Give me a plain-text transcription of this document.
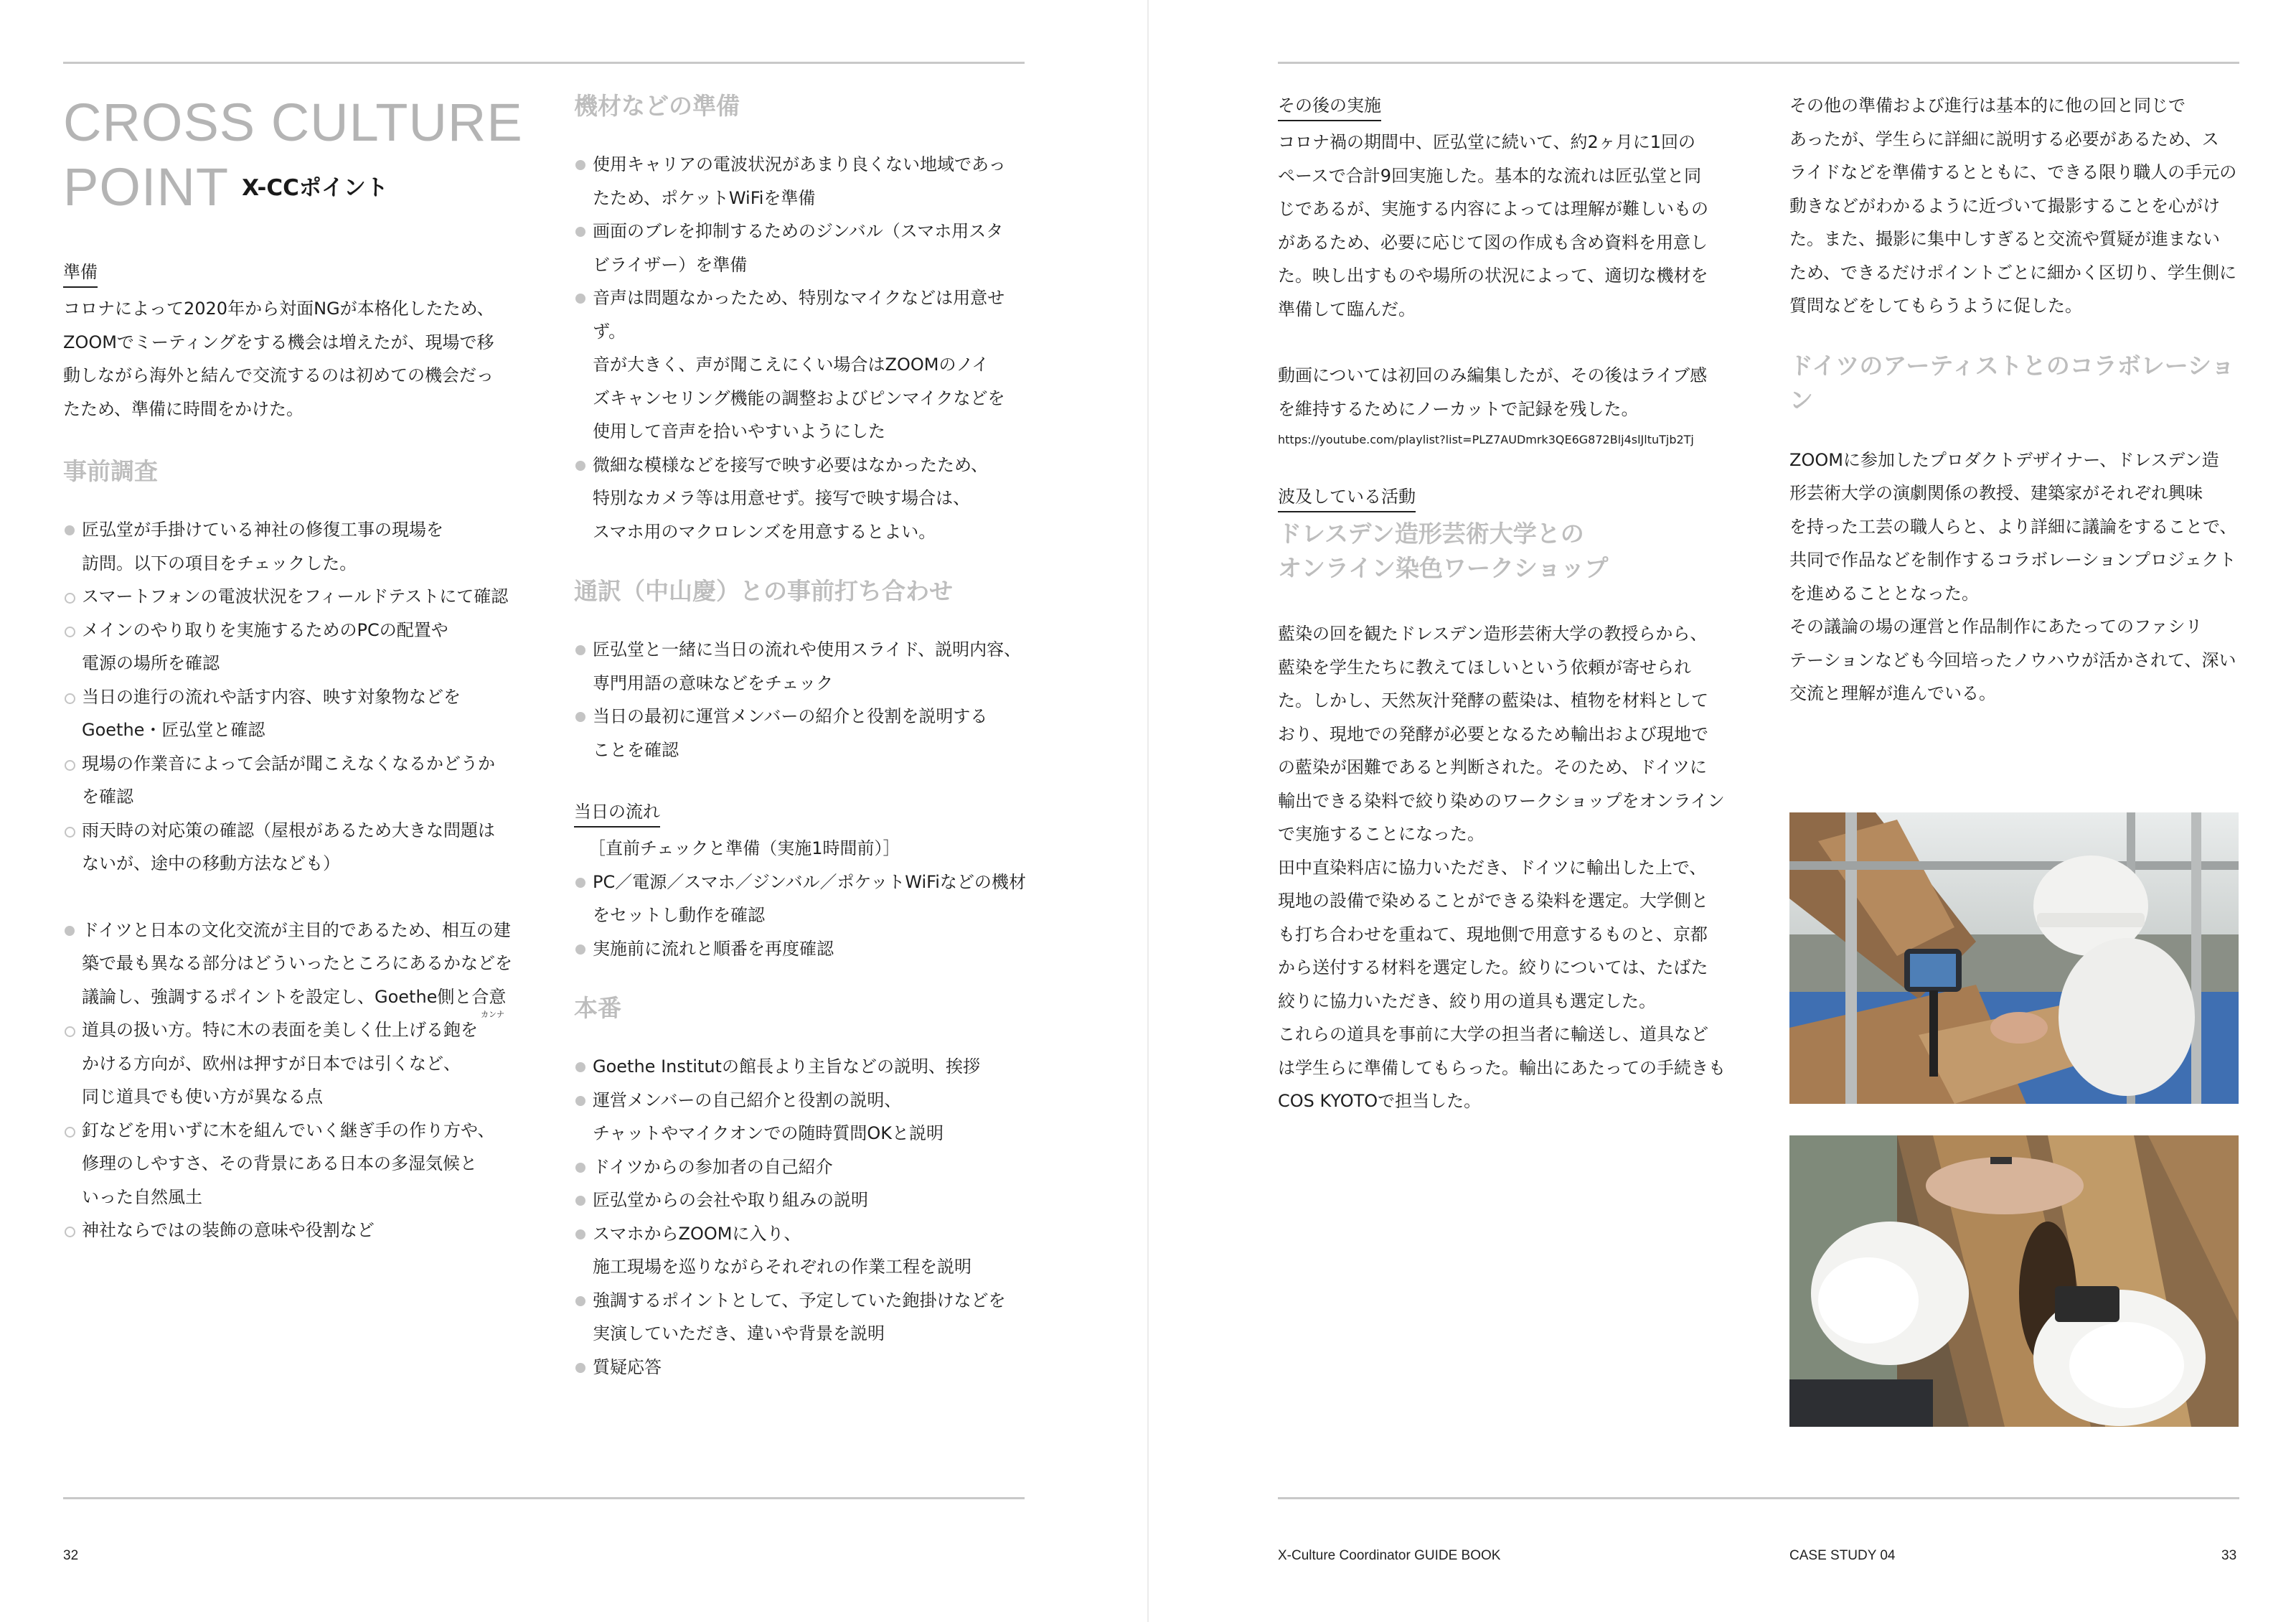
CROSS CULTURE
POINT $^{X-CCポイント}$
準備

コロナによって2020年から対面NGが本格化したため、

ZOOMでミーティングをする機会は増えたが、現場で移

動しながら海外と結んで交流するのは初めての機会だっ

たため、準備に時間をかけた。

事前調査

匠弘堂が手掛けている神社の修復工事の現場を
訪問。以下の項目をチェックした。
スマートフォンの電波状況をフィールドテストにて確認
メインのやり取りを実施するためのPCの配置や
電源の場所を確認
当日の進行の流れや話す内容、映す対象物などを
Goethe・匠弘堂と確認
現場の作業音によって会話が聞こえなくなるかどうか
を確認
雨天時の対応策の確認（屋根があるため大きな問題は
ないが、途中の移動方法なども）
ドイツと日本の文化交流が主目的であるため、相互の建
築で最も異なる部分はどういったところにあるかなどを
議論し、強調するポイントを設定し、Goethe側と合意
カンナ
道具の扱い方。特に木の表面を美しく仕上げる鉋を
かける方向が、欧州は押すが日本では引くなど、
同じ道具でも使い方が異なる点
釘などを用いずに木を組んでいく継ぎ手の作り方や、
修理のしやすさ、その背景にある日本の多湿気候と
いった自然風土
神社ならではの装飾の意味や役割など

機材などの準備

使用キャリアの電波状況があまり良くない地域であっ
たため、ポケットWiFiを準備
画面のブレを抑制するためのジンバル（スマホ用スタ
ビライザー）を準備
音声は問題なかったため、特別なマイクなどは用意せず。
音が大きく、声が聞こえにくい場合はZOOMのノイ
ズキャンセリング機能の調整およびピンマイクなどを
使用して音声を拾いやすいようにした
微細な模様などを接写で映す必要はなかったため、
特別なカメラ等は用意せず。接写で映す場合は、
スマホ用のマクロレンズを用意するとよい。

通訳（中山慶）との事前打ち合わせ

匠弘堂と一緒に当日の流れや使用スライド、説明内容、
専門用語の意味などをチェック
当日の最初に運営メンバーの紹介と役割を説明する
ことを確認
当日の流れ

［直前チェックと準備（実施1時間前）］

PC／電源／スマホ／ジンバル／ポケットWiFiなどの機材
をセットし動作を確認
実施前に流れと順番を再度確認

本番

Goethe Institutの館長より主旨などの説明、挨拶
運営メンバーの自己紹介と役割の説明、
チャットやマイクオンでの随時質問OKと説明
ドイツからの参加者の自己紹介
匠弘堂からの会社や取り組みの説明
スマホからZOOMに入り、
施工現場を巡りながらそれぞれの作業工程を説明
強調するポイントとして、予定していた鉋掛けなどを
実演していただき、違いや背景を説明
質疑応答
32
その後の実施

コロナ禍の期間中、匠弘堂に続いて、約2ヶ月に1回の

ペースで合計9回実施した。基本的な流れは匠弘堂と同

じであるが、実施する内容によっては理解が難しいもの

があるため、必要に応じて図の作成も含め資料を用意し

た。映し出すものや場所の状況によって、適切な機材を

準備して臨んだ。

動画については初回のみ編集したが、その後はライブ感

を維持するためにノーカットで記録を残した。

https://youtube.com/playlist?list=PLZ7AUDmrk3QE6G872Blj4slJltuTjb2Tj

波及している活動

ドレスデン造形芸術大学との

オンライン染色ワークショップ

藍染の回を観たドレスデン造形芸術大学の教授らから、

藍染を学生たちに教えてほしいという依頼が寄せられ

た。しかし、天然灰汁発酵の藍染は、植物を材料として

おり、現地での発酵が必要となるため輸出および現地で

の藍染が困難であると判断された。そのため、ドイツに

輸出できる染料で絞り染めのワークショップをオンライン

で実施することになった。

田中直染料店に協力いただき、ドイツに輸出した上で、

現地の設備で染めることができる染料を選定。大学側と

も打ち合わせを重ねて、現地側で用意するものと、京都

から送付する材料を選定した。絞りについては、たばた

絞りに協力いただき、絞り用の道具も選定した。

これらの道具を事前に大学の担当者に輸送し、道具など

は学生らに準備してもらった。輸出にあたっての手続きも

COS KYOTOで担当した。

その他の準備および進行は基本的に他の回と同じで

あったが、学生らに詳細に説明する必要があるため、ス

ライドなどを準備するとともに、できる限り職人の手元の

動きなどがわかるように近づいて撮影することを心がけ

た。また、撮影に集中しすぎると交流や質疑が進まない

ため、できるだけポイントごとに細かく区切り、学生側に

質問などをしてもらうように促した。

ドイツのアーティストとのコラボレーション

ZOOMに参加したプロダクトデザイナー、ドレスデン造

形芸術大学の演劇関係の教授、建築家がそれぞれ興味

を持った工芸の職人らと、より詳細に議論をすることで、

共同で作品などを制作するコラボレーションプロジェクト

を進めることとなった。

その議論の場の運営と作品制作にあたってのファシリ

テーションなども今回培ったノウハウが活かされて、深い

交流と理解が進んでいる。

X-Culture Coordinator GUIDE BOOK	CASE STUDY 04	33
